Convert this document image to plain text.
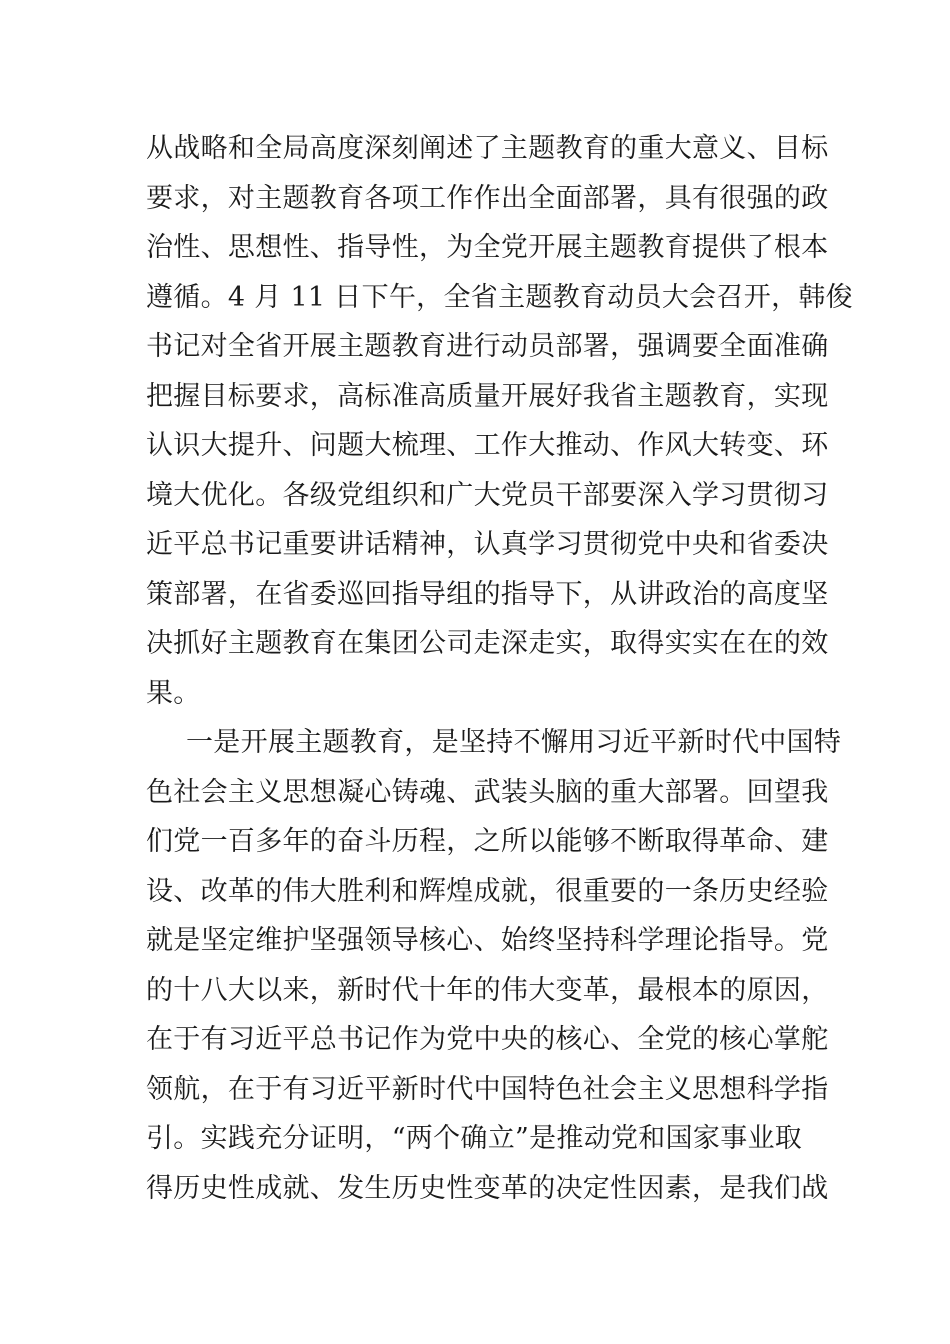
从战略和全局高度深刻阐述了主题教育的重大意义、目标
要求，对主题教育各项工作作出全面部署，具有很强的政
治性、思想性、指导性，为全党开展主题教育提供了根本
遵循。4 月 11 日下午，全省主题教育动员大会召开，韩俊
书记对全省开展主题教育进行动员部署，强调要全面准确
把握目标要求，高标准高质量开展好我省主题教育，实现
认识大提升、问题大梳理、工作大推动、作风大转变、环
境大优化。各级党组织和广大党员干部要深入学习贯彻习
近平总书记重要讲话精神，认真学习贯彻党中央和省委决
策部署，在省委巡回指导组的指导下，从讲政治的高度坚
决抓好主题教育在集团公司走深走实，取得实实在在的效
果。
一是开展主题教育，是坚持不懈用习近平新时代中国特
色社会主义思想凝心铸魂、武装头脑的重大部署。回望我
们党一百多年的奋斗历程，之所以能够不断取得革命、建
设、改革的伟大胜利和辉煌成就，很重要的一条历史经验
就是坚定维护坚强领导核心、始终坚持科学理论指导。党
的十八大以来，新时代十年的伟大变革，最根本的原因，
在于有习近平总书记作为党中央的核心、全党的核心掌舵
领航，在于有习近平新时代中国特色社会主义思想科学指
引。实践充分证明，“两个确立”是推动党和国家事业取
得历史性成就、发生历史性变革的决定性因素，是我们战
